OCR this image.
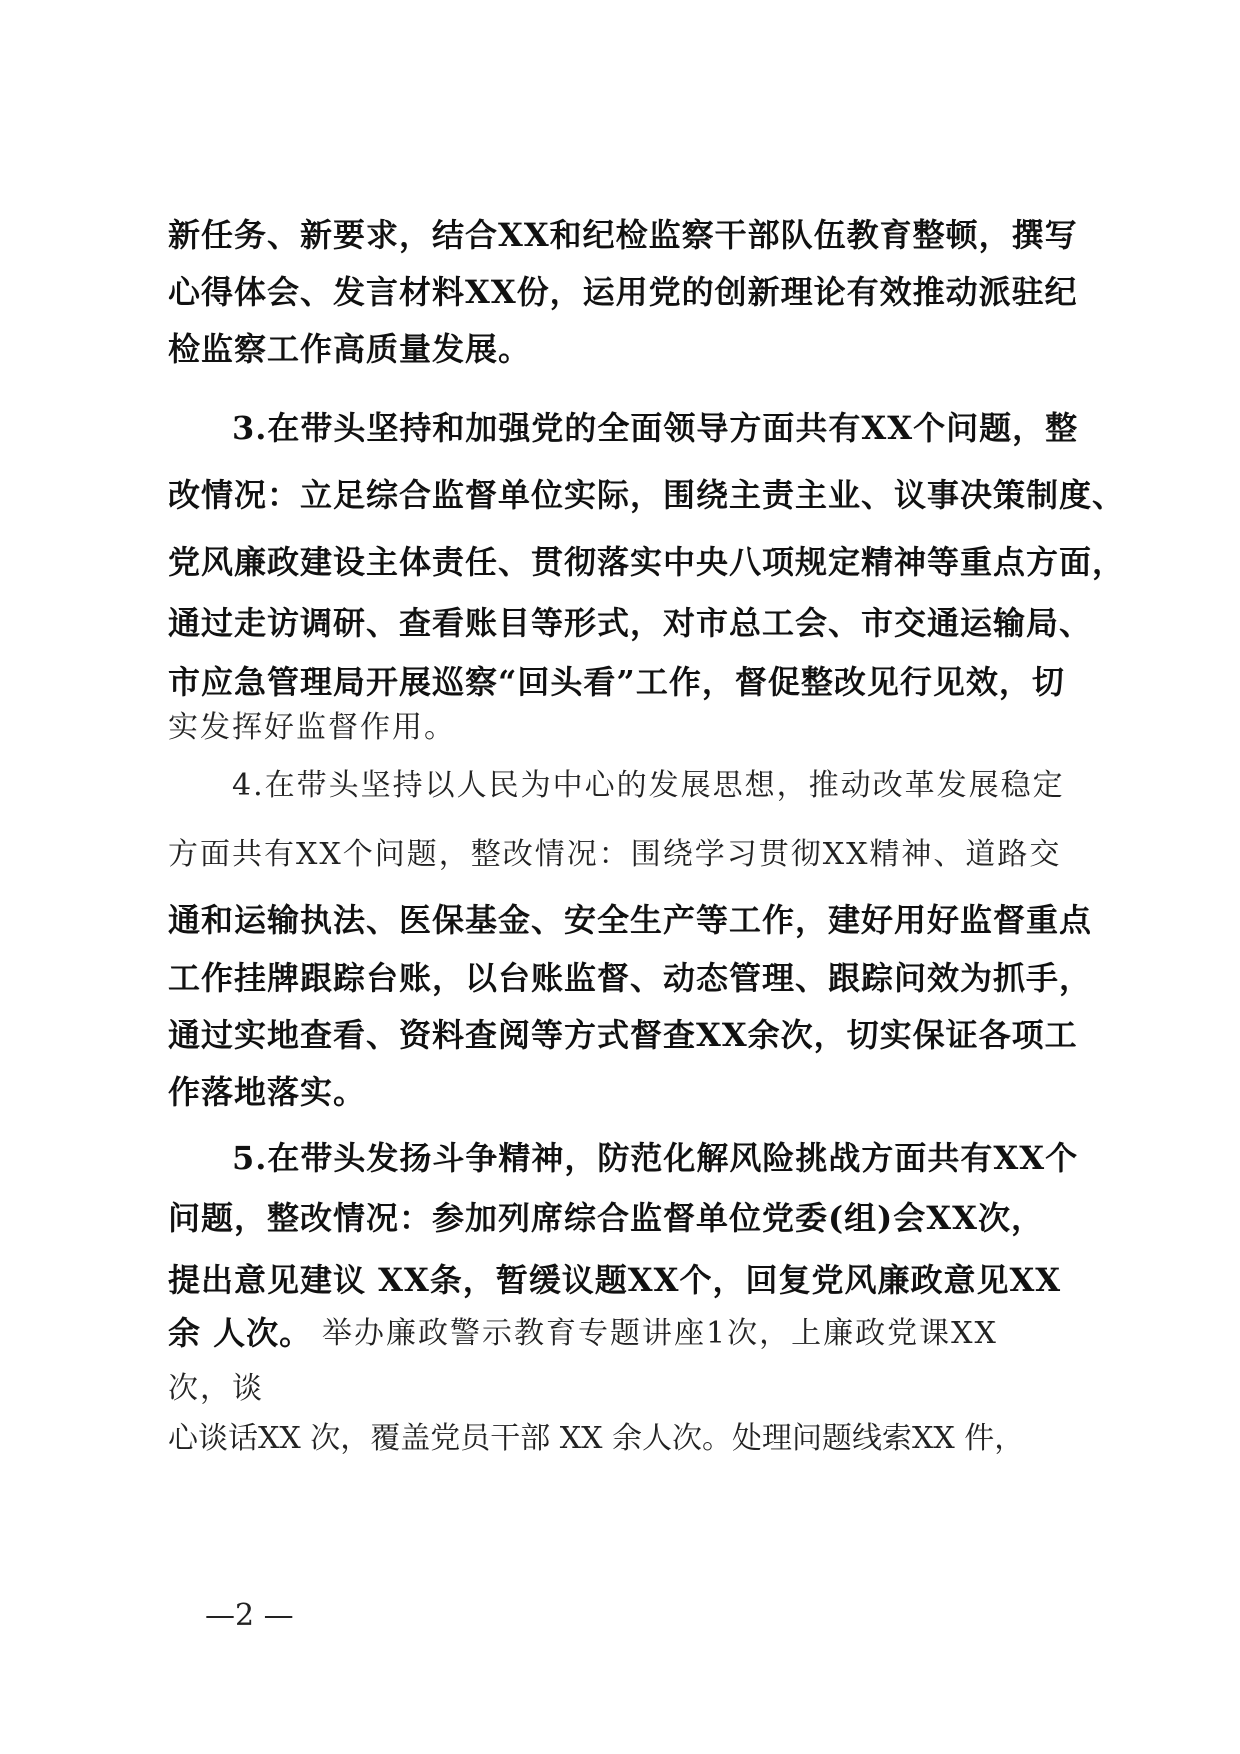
新任务、新要求，结合XX和纪检监察干部队伍教育整顿，撰写
心得体会、发言材料XX份，运用党的创新理论有效推动派驻纪
检监察工作高质量发展。
3.在带头坚持和加强党的全面领导方面共有XX个问题，整
改情况：立足综合监督单位实际，围绕主责主业、议事决策制度、
党风廉政建设主体责任、贯彻落实中央八项规定精神等重点方面，
通过走访调研、查看账目等形式，对市总工会、市交通运输局、
市应急管理局开展巡察“回头看”工作，督促整改见行见效，切
实发挥好监督作用。
4.在带头坚持以人民为中心的发展思想，推动改革发展稳定
方面共有XX个问题，整改情况：围绕学习贯彻XX精神、道路交
通和运输执法、医保基金、安全生产等工作，建好用好监督重点
工作挂牌跟踪台账，以台账监督、动态管理、跟踪问效为抓手，
通过实地查看、资料查阅等方式督查XX余次，切实保证各项工
作落地落实。
5.在带头发扬斗争精神，防范化解风险挑战方面共有XX个
问题，整改情况：参加列席综合监督单位党委(组)会XX次，
提出意见建议 XX条，暂缓议题XX个，回复党风廉政意见XX
余 人次。 举办廉政警示教育专题讲座1次，上廉政党课XX
次，谈
心谈话XX 次，覆盖党员干部 XX 余人次。处理问题线索XX 件，
—2 —
